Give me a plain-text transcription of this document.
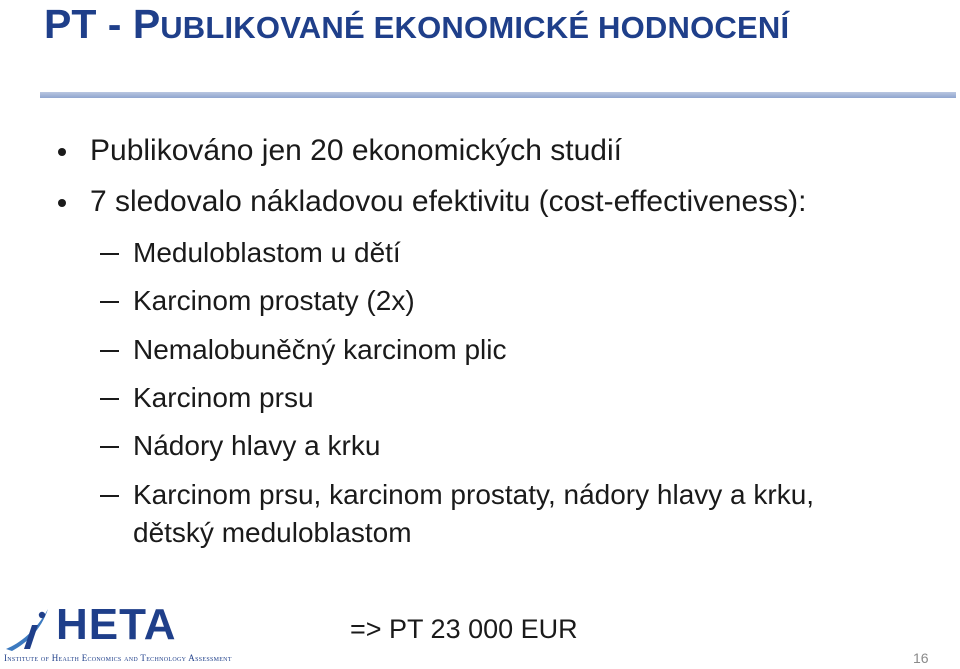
PT - PUBLIKOVANÉ EKONOMICKÉ HODNOCENÍ
Publikováno jen 20 ekonomických studií
7 sledovalo nákladovou efektivitu (cost-effectiveness):
Meduloblastom u dětí
Karcinom prostaty (2x)
Nemalobuněčný karcinom plic
Karcinom prsu
Nádory hlavy a krku
Karcinom prsu, karcinom prostaty, nádory hlavy a krku,
dětský meduloblastom
HETA
Institute of Health Economics and Technology Assessment
=> PT 23 000 EUR
16
